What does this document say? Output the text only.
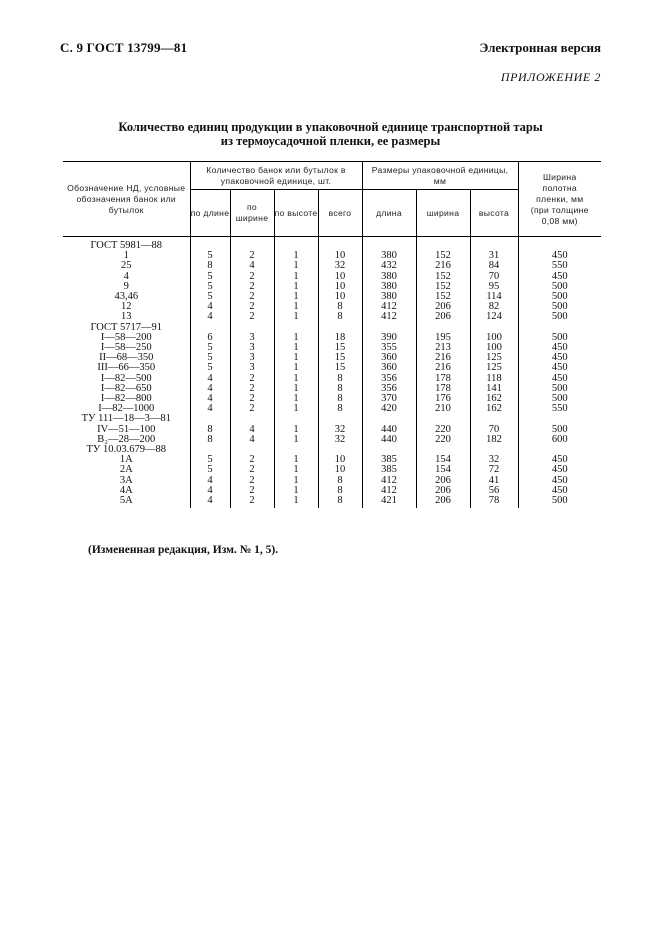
С. 9 ГОСТ 13799—81	Электронная версия
ПРИЛОЖЕНИЕ 2
Количество единиц продукции в упаковочной единице транспортной тары
из термоусадочной пленки, ее размеры
Обозначение НД, условные обозначения банок или бутылок	Количество банок или бутылок в упаковочной единице, шт.				Размеры упаковочной единицы, мм			Ширина полотна пленки, мм (при толщине 0,08 мм)
	по длине	по ширине	по высоте	всего	длина	ширина	высота	
ГОСТ 5981—88								
1	5	2	1	10	380	152	31	450
25	8	4	1	32	432	216	84	550
4	5	2	1	10	380	152	70	450
9	5	2	1	10	380	152	95	500
43,46	5	2	1	10	380	152	114	500
12	4	2	1	8	412	206	82	500
13	4	2	1	8	412	206	124	500
ГОСТ 5717—91								
I—58—200	6	3	1	18	390	195	100	500
I—58—250	5	3	1	15	355	213	100	450
II—68—350	5	3	1	15	360	216	125	450
III—66—350	5	3	1	15	360	216	125	450
I—82—500	4	2	1	8	356	178	118	450
I—82—650	4	2	1	8	356	178	141	500
I—82—800	4	2	1	8	370	176	162	500
I—82—1000	4	2	1	8	420	210	162	550
ТУ 111—18—3—81								
IV—51—100	8	4	1	32	440	220	70	500
B₂—28—200	8	4	1	32	440	220	182	600
ТУ 10.03.679—88								
1А	5	2	1	10	385	154	32	450
2А	5	2	1	10	385	154	72	450
3А	4	2	1	8	412	206	41	450
4А	4	2	1	8	412	206	56	450
5А	4	2	1	8	421	206	78	500
(Измененная редакция, Изм. № 1, 5).
